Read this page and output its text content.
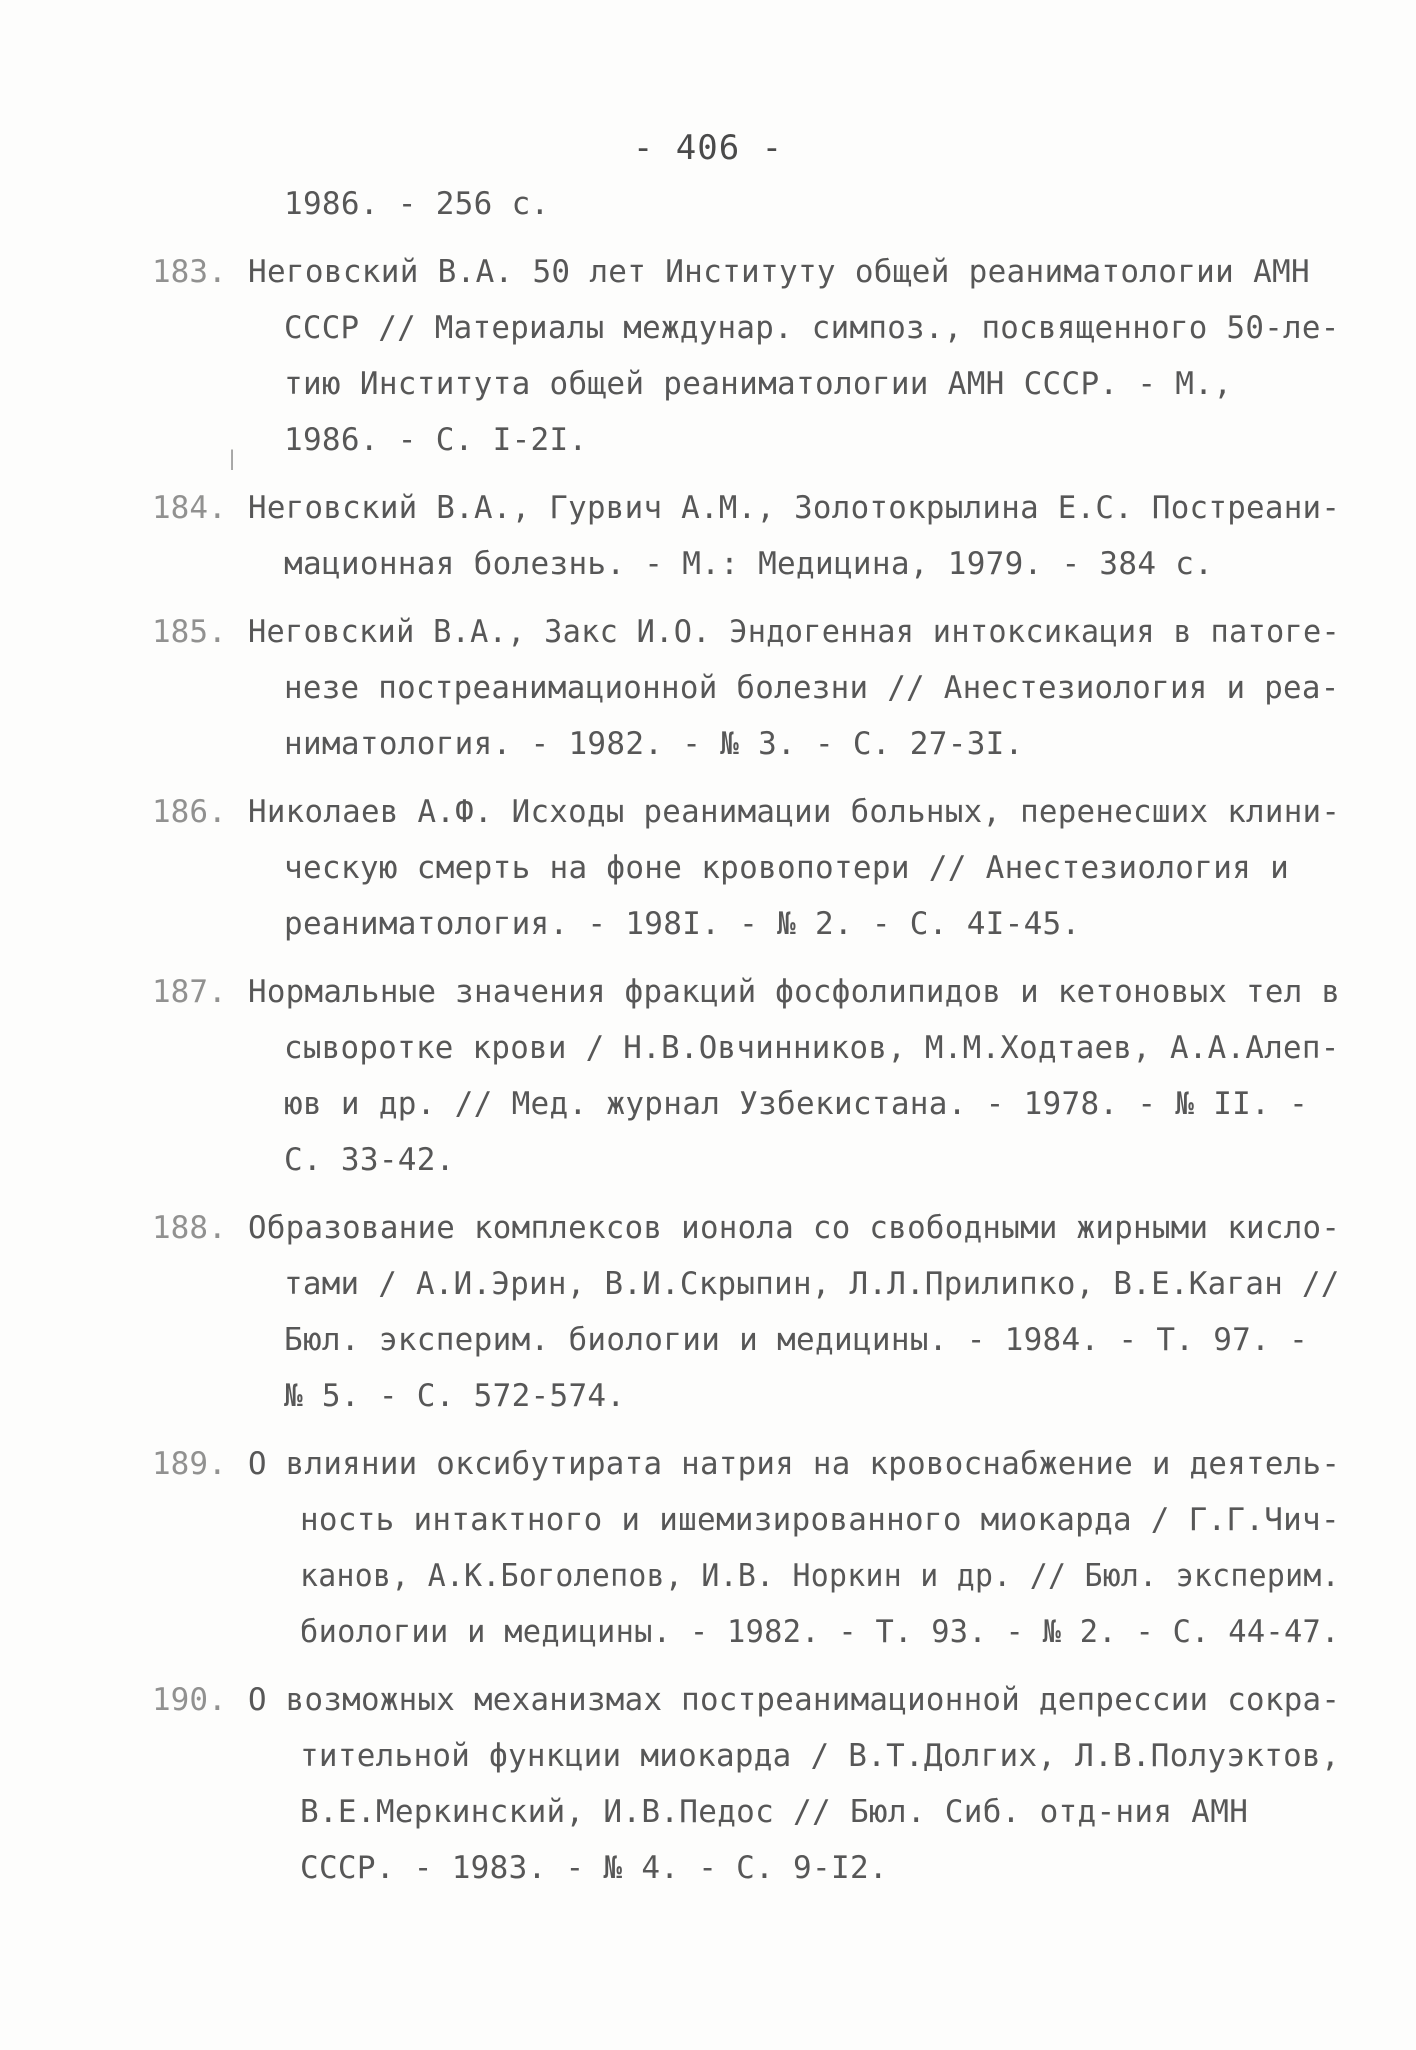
- 406 -
1986. - 256 с.
183. Неговский В.А. 50 лет Институту общей реаниматологии АМН
СССР // Материалы междунар. симпоз., посвященного 50-ле-
тию Института общей реаниматологии АМН СССР. - М.,
1986. - С. I-2I.
|
184. Неговский В.А., Гурвич А.М., Золотокрылина Е.С. Постреани-
мационная болезнь. - М.: Медицина, 1979. - 384 с.
185. Неговский В.А., Закс И.О. Эндогенная интоксикация в патоге-
незе постреанимационной болезни // Анестезиология и реа-
ниматология. - 1982. - № 3. - С. 27-3I.
186. Николаев А.Ф. Исходы реанимации больных, перенесших клини-
ческую смерть на фоне кровопотери // Анестезиология и
реаниматология. - 198I. - № 2. - С. 4I-45.
187. Нормальные значения фракций фосфолипидов и кетоновых тел в
сыворотке крови / Н.В.Овчинников, М.М.Ходтаев, А.А.Алеп-
юв и др. // Мед. журнал Узбекистана. - 1978. - № II. -
С. 33-42.
188. Образование комплексов ионола со свободными жирными кисло-
тами / А.И.Эрин, В.И.Скрыпин, Л.Л.Прилипко, В.Е.Каган //
Бюл. эксперим. биологии и медицины. - 1984. - Т. 97. -
№ 5. - С. 572-574.
189. О влиянии оксибутирата натрия на кровоснабжение и деятель-
ность интактного и ишемизированного миокарда / Г.Г.Чич-
канов, А.К.Боголепов, И.В. Норкин и др. // Бюл. эксперим.
биологии и медицины. - 1982. - Т. 93. - № 2. - С. 44-47.
190. О возможных механизмах постреанимационной депрессии сокра-
тительной функции миокарда / В.Т.Долгих, Л.В.Полуэктов,
В.Е.Меркинский, И.В.Педос // Бюл. Сиб. отд-ния АМН
СССР. - 1983. - № 4. - С. 9-I2.
